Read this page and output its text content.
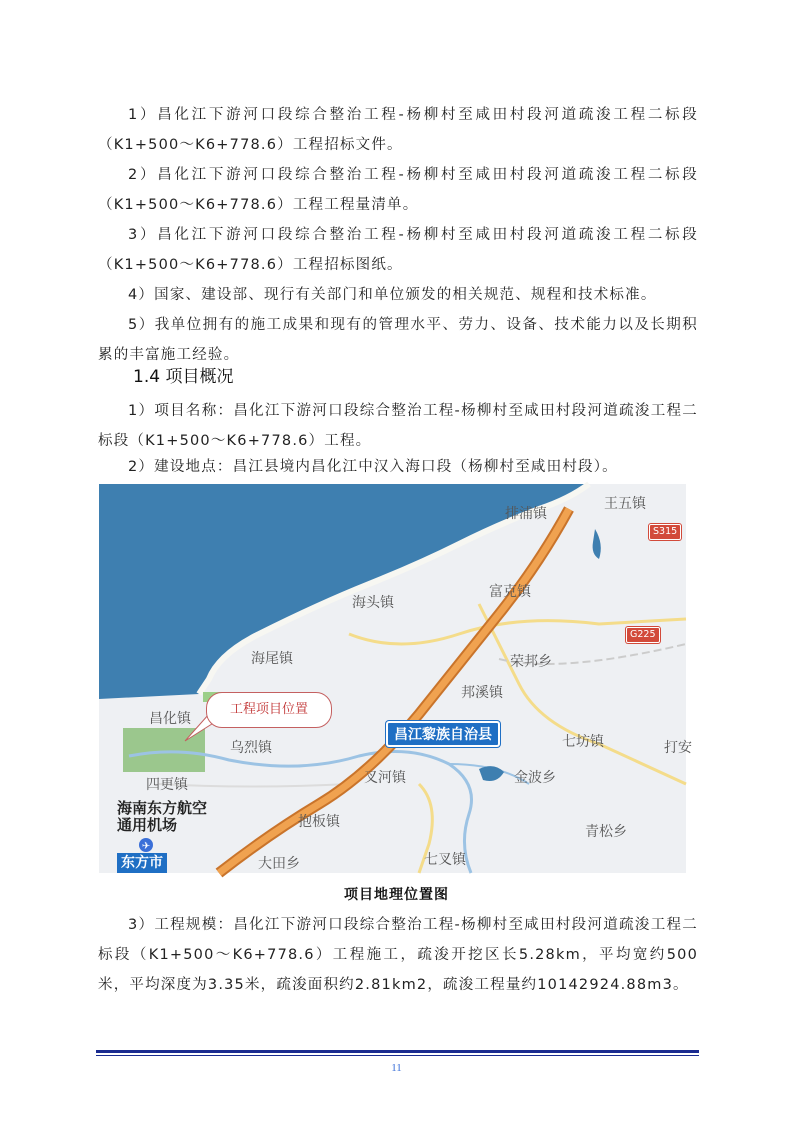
1）昌化江下游河口段综合整治工程-杨柳村至咸田村段河道疏浚工程二标段（K1+500～K6+778.6）工程招标文件。

2）昌化江下游河口段综合整治工程-杨柳村至咸田村段河道疏浚工程二标段（K1+500～K6+778.6）工程工程量清单。

3）昌化江下游河口段综合整治工程-杨柳村至咸田村段河道疏浚工程二标段（K1+500～K6+778.6）工程招标图纸。

4）国家、建设部、现行有关部门和单位颁发的相关规范、规程和技术标准。

5）我单位拥有的施工成果和现有的管理水平、劳力、设备、技术能力以及长期积累的丰富施工经验。

1.4 项目概况

1）项目名称：昌化江下游河口段综合整治工程-杨柳村至咸田村段河道疏浚工程二标段（K1+500～K6+778.6）工程。

2）建设地点：昌江县境内昌化江中汉入海口段（杨柳村至咸田村段）。

✈
王五镇
排浦镇
S315
富克镇
海头镇
G225
海尾镇	荣邦乡
邦溪镇
昌化镇
工程项目位置
昌江黎族自治县
乌烈镇	七坊镇	打安
四更镇	叉河镇	金波乡
海南东方航空
通用机场	抱板镇
青松乡
东方市	大田乡	七叉镇
项目地理位置图

3）工程规模：昌化江下游河口段综合整治工程-杨柳村至咸田村段河道疏浚工程二标段（K1+500～K6+778.6）工程施工，疏浚开挖区长5.28km，平均宽约500米，平均深度为3.35米，疏浚面积约2.81km2，疏浚工程量约10142924.88m3。

11
